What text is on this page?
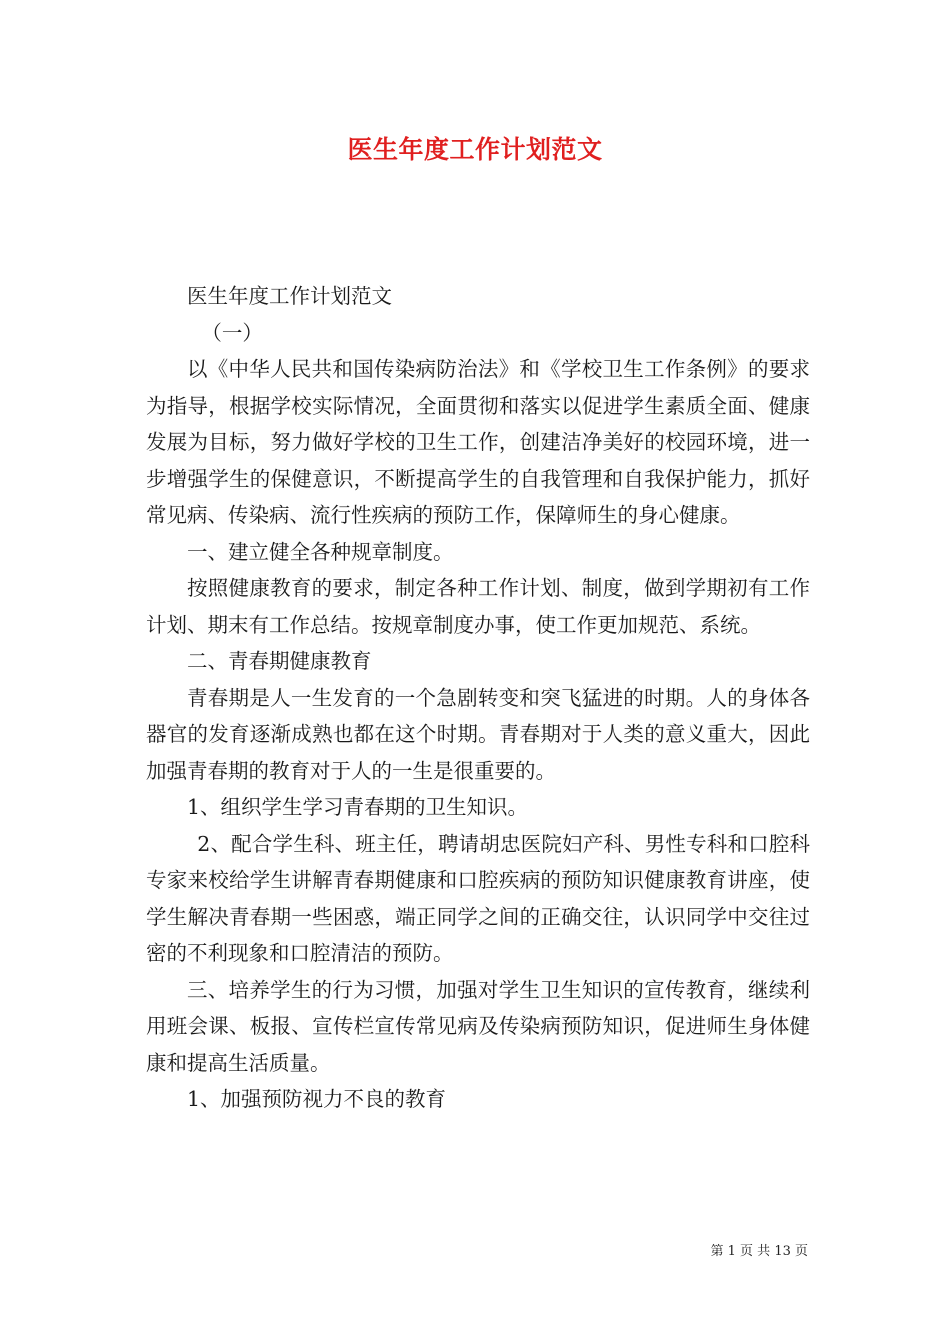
医生年度工作计划范文

医生年度工作计划范文

（一）

以《中华人民共和国传染病防治法》和《学校卫生工作条例》的要求为指导，根据学校实际情况，全面贯彻和落实以促进学生素质全面、健康发展为目标，努力做好学校的卫生工作，创建洁净美好的校园环境，进一步增强学生的保健意识，不断提高学生的自我管理和自我保护能力，抓好常见病、传染病、流行性疾病的预防工作，保障师生的身心健康。

一、建立健全各种规章制度。

按照健康教育的要求，制定各种工作计划、制度，做到学期初有工作计划、期末有工作总结。按规章制度办事，使工作更加规范、系统。

二、青春期健康教育

青春期是人一生发育的一个急剧转变和突飞猛进的时期。人的身体各器官的发育逐渐成熟也都在这个时期。青春期对于人类的意义重大，因此加强青春期的教育对于人的一生是很重要的。

1、组织学生学习青春期的卫生知识。

2、配合学生科、班主任，聘请胡忠医院妇产科、男性专科和口腔科专家来校给学生讲解青春期健康和口腔疾病的预防知识健康教育讲座，使学生解决青春期一些困惑，端正同学之间的正确交往，认识同学中交往过密的不利现象和口腔清洁的预防。

三、培养学生的行为习惯，加强对学生卫生知识的宣传教育，继续利用班会课、板报、宣传栏宣传常见病及传染病预防知识，促进师生身体健康和提高生活质量。

1、加强预防视力不良的教育

第 1 页 共 13 页
